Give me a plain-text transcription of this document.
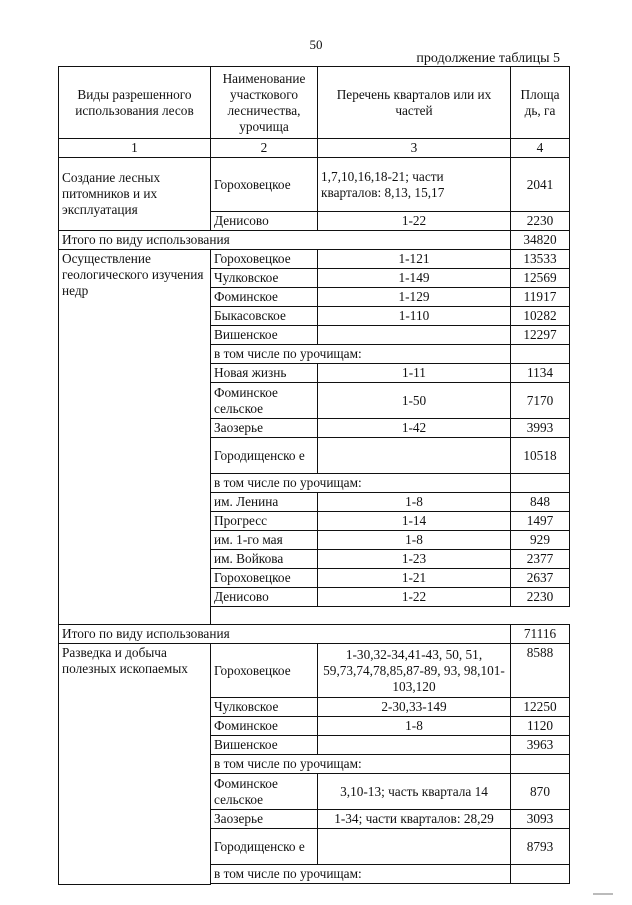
50
продолжение таблицы 5
Виды разрешенного использования лесов	Наименование участкового лесничества, урочища	Перечень кварталов или их частей	Площа дь, га
1	2	3	4
Создание лесных питомников и их эксплуатация	Гороховецкое	1,7,10,16,18-21; части кварталов: 8,13, 15,17	2041
	Денисово	1-22	2230
Итого по виду использования			34820
Осуществление геологического изучения недр	Гороховецкое	1-121	13533
	Чулковское	1-149	12569
	Фоминское	1-129	11917
	Быкасовское	1-110	10282
	Вишенское		12297
	в том числе по урочищам:		
	Новая жизнь	1-11	1134
	Фоминское сельское	1-50	7170
	Заозерье	1-42	3993
	Городищенско е		10518
	в том числе по урочищам:		
	им. Ленина	1-8	848
	Прогресс	1-14	1497
	им. 1-го мая	1-8	929
	им. Войкова	1-23	2377
	Гороховецкое	1-21	2637
	Денисово	1-22	2230

Итого по виду использования			71116
Разведка и добыча полезных ископаемых	Гороховецкое	1-30,32-34,41-43, 50, 51, 59,73,74,78,85,87-89, 93, 98,101-103,120	8588
	Чулковское	2-30,33-149	12250
	Фоминское	1-8	1120
	Вишенское		3963
	в том числе по урочищам:		
	Фоминское сельское	3,10-13; часть квартала 14	870
	Заозерье	1-34; части кварталов: 28,29	3093
	Городищенско е		8793
	в том числе по урочищам:		
